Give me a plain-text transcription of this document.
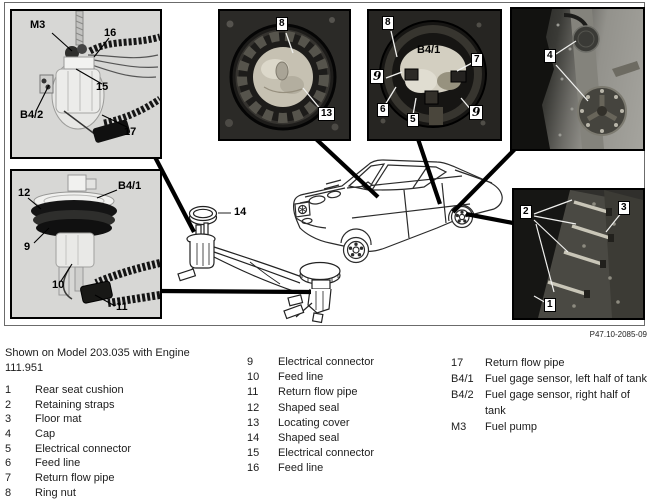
M3
16
15
B4/2
17
12
B4/1
9
10
11
8
13
8
B4/1
7
9
6
5
9
4
2	3
1
14
P47.10-2085-09
Shown on Model 203.035 with Engine
111.951
1	Rear seat cushion
2	Retaining straps
3	Floor mat
4	Cap
5	Electrical connector
6	Feed line
7	Return flow pipe
8	Ring nut
9	Electrical connector
10	Feed line
11	Return flow pipe
12	Shaped seal
13	Locating cover
14	Shaped seal
15	Electrical connector
16	Feed line
17	Return flow pipe
B4/1	Fuel gage sensor, left half of tank
B4/2	Fuel gage sensor, right half of tank
M3	Fuel pump
